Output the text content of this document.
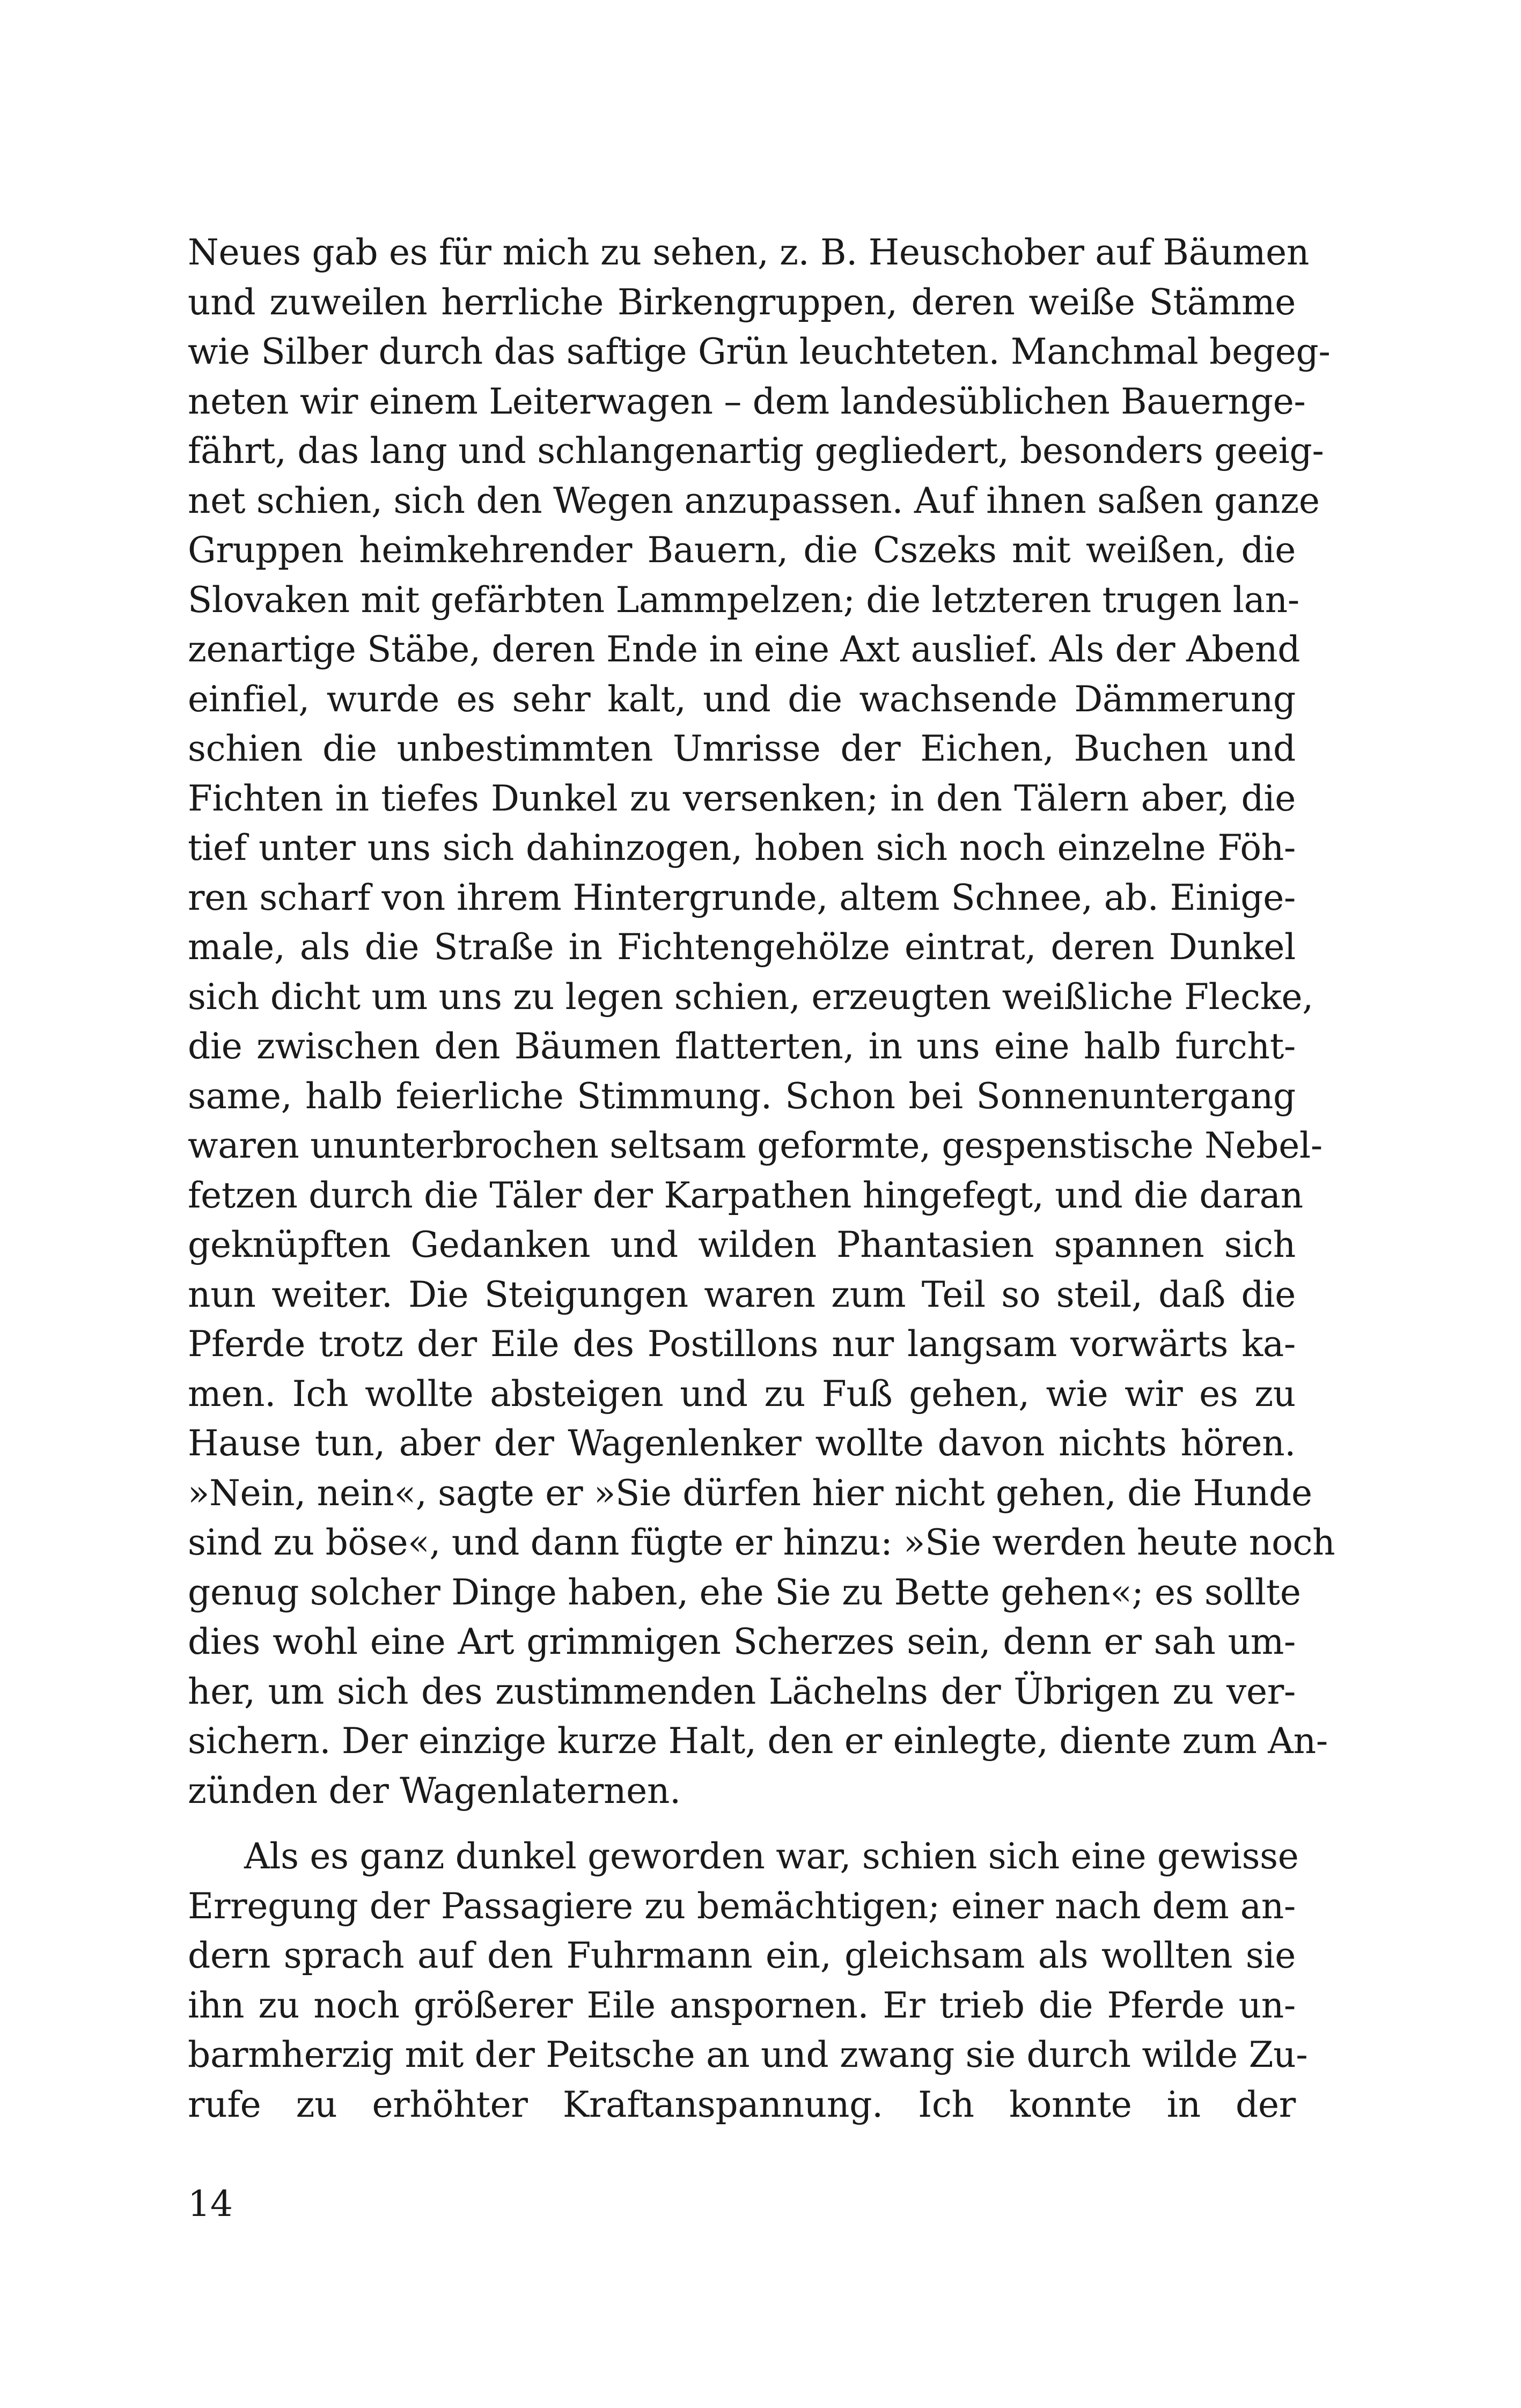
Neues gab es für mich zu sehen, z. B. Heuschober auf Bäumen
und zuweilen herrliche Birkengruppen, deren weiße Stämme
wie Silber durch das saftige Grün leuchteten. Manchmal begeg-
neten wir einem Leiterwagen – dem landesüblichen Bauernge-
fährt, das lang und schlangenartig gegliedert, besonders geeig-
net schien, sich den Wegen anzupassen. Auf ihnen saßen ganze
Gruppen heimkehrender Bauern, die Cszeks mit weißen, die
Slovaken mit gefärbten Lammpelzen; die letzteren trugen lan-
zenartige Stäbe, deren Ende in eine Axt auslief. Als der Abend
einfiel, wurde es sehr kalt, und die wachsende Dämmerung
schien die unbestimmten Umrisse der Eichen, Buchen und
Fichten in tiefes Dunkel zu versenken; in den Tälern aber, die
tief unter uns sich dahinzogen, hoben sich noch einzelne Föh-
ren scharf von ihrem Hintergrunde, altem Schnee, ab. Einige-
male, als die Straße in Fichtengehölze eintrat, deren Dunkel
sich dicht um uns zu legen schien, erzeugten weißliche Flecke,
die zwischen den Bäumen flatterten, in uns eine halb furcht-
same, halb feierliche Stimmung. Schon bei Sonnenuntergang
waren ununterbrochen seltsam geformte, gespenstische Nebel-
fetzen durch die Täler der Karpathen hingefegt, und die daran
geknüpften Gedanken und wilden Phantasien spannen sich
nun weiter. Die Steigungen waren zum Teil so steil, daß die
Pferde trotz der Eile des Postillons nur langsam vorwärts ka-
men. Ich wollte absteigen und zu Fuß gehen, wie wir es zu
Hause tun, aber der Wagenlenker wollte davon nichts hören.
»Nein, nein«, sagte er »Sie dürfen hier nicht gehen, die Hunde
sind zu böse«, und dann fügte er hinzu: »Sie werden heute noch
genug solcher Dinge haben, ehe Sie zu Bette gehen«; es sollte
dies wohl eine Art grimmigen Scherzes sein, denn er sah um-
her, um sich des zustimmenden Lächelns der Übrigen zu ver-
sichern. Der einzige kurze Halt, den er einlegte, diente zum An-
zünden der Wagenlaternen.
Als es ganz dunkel geworden war, schien sich eine gewisse
Erregung der Passagiere zu bemächtigen; einer nach dem an-
dern sprach auf den Fuhrmann ein, gleichsam als wollten sie
ihn zu noch größerer Eile anspornen. Er trieb die Pferde un-
barmherzig mit der Peitsche an und zwang sie durch wilde Zu-
rufe zu erhöhter Kraftanspannung. Ich konnte in der
14
